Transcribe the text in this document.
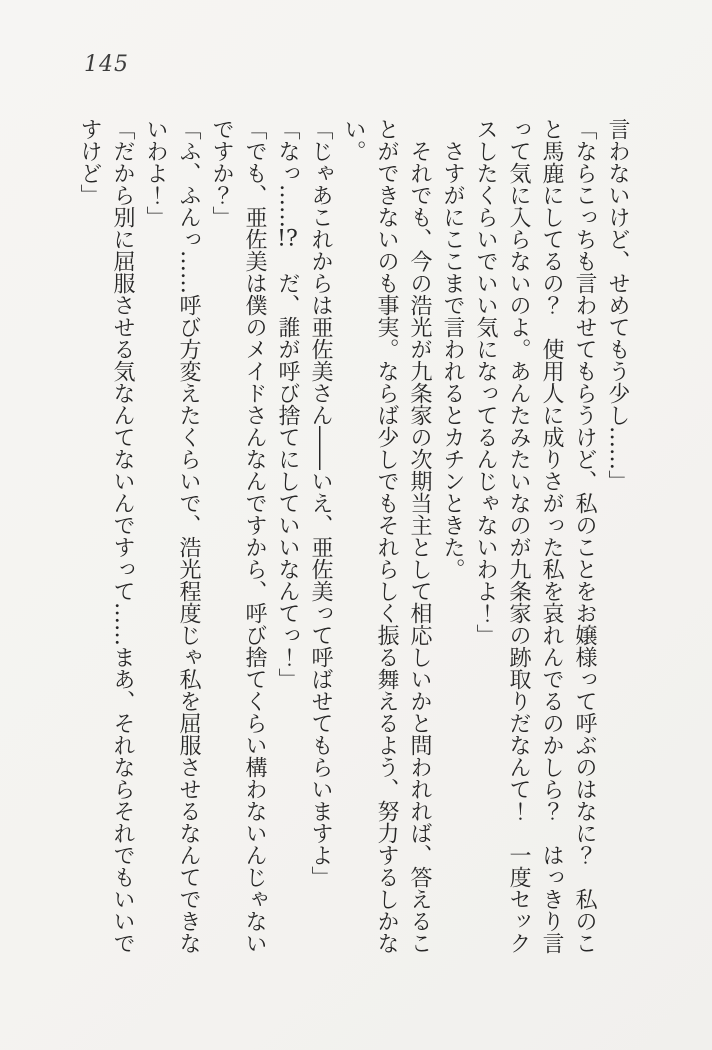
145
言わないけど、せめてもう少し……」
「ならこっちも言わせてもらうけど、私のことをお嬢様って呼ぶのはなに？　私のこ
と馬鹿にしてるの？　使用人に成りさがった私を哀れんでるのかしら？　はっきり言
って気に入らないのよ。あんたみたいなのが九条家の跡取りだなんて！　一度セック
スしたくらいでいい気になってるんじゃないわよ！」
　さすがにここまで言われるとカチンときた。
　それでも、今の浩光が九条家の次期当主として相応しいかと問われれば、答えるこ
とができないのも事実。ならば少しでもそれらしく振る舞えるよう、努力するしかな
い。
「じゃあこれからは亜佐美さん――いえ、亜佐美って呼ばせてもらいますよ」
「なっ……!?　だ、誰が呼び捨てにしていいなんてっ！」
「でも、亜佐美は僕のメイドさんなんですから、呼び捨てくらい構わないんじゃない
ですか？」
「ふ、ふんっ……呼び方変えたくらいで、浩光程度じゃ私を屈服させるなんてできな
いわよ！」
「だから別に屈服させる気なんてないんですって……まあ、それならそれでもいいで
すけど」
